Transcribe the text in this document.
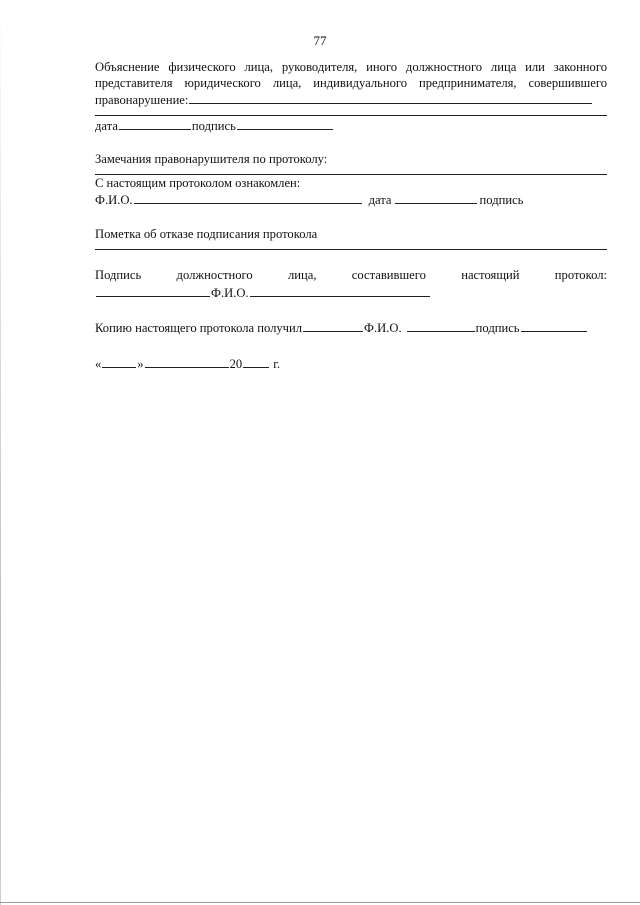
77
Объяснение физического лица, руководителя, иного должностного лица или законного представителя юридического лица, индивидуального предпринимателя, совершившего правонарушение:
дата	подпись
Замечания правонарушителя по протоколу:
С настоящим протоколом ознакомлен:
Ф.И.О.	дата	подпись
Пометка об отказе подписания протокола
Подпись должностного лица, составившего настоящий протокол:
Ф.И.О.
Копию настоящего протокола получил	Ф.И.О.	подпись
«	»	20 г.
